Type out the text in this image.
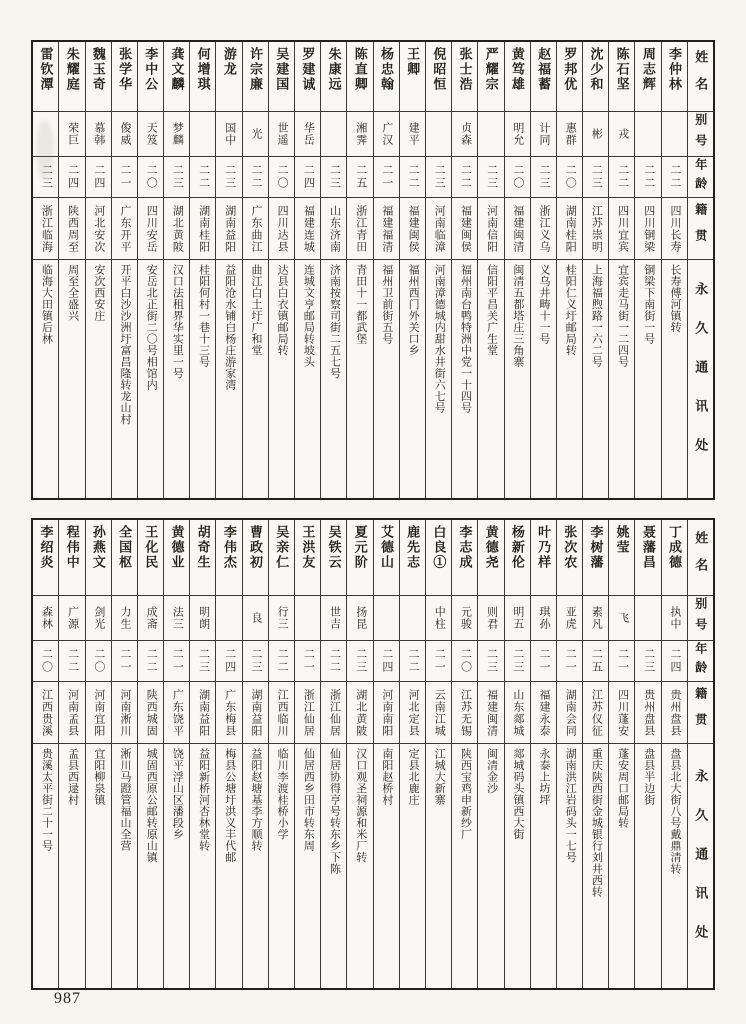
姓名
别号
年龄
籍贯
永久通讯处
李仲林
二二
四川长寿
长寿傅河镇转
周志辉
二二
四川铜梁
铜梁下南街一号
陈石坚
戎
二二
四川宜宾
宜宾走马街一二四号
沈少和
彬
二三
江苏崇明
上海福煦路一六二号
罗邦优
惠群
二〇
湖南桂阳
桂阳仁义圩邮局转
赵福蓄
计同
二三
浙江义乌
义乌井畴十一号
黄笃雄
明允
二〇
福建闽清
闽清五都塔庄三角寨
严耀宗
二三
河南信阳
信阳平昌关广生堂
张士浩
贞森
二二
福建闽侯
福州南台鸭特洲中党一十四号
倪昭恒
二三
河南临漳
河南漳德城内甜水井街六七号
王卿
建平
二二
福建闽侯
福州西门外关口乡
杨忠翰
广汉
二一
福建福清
福州卫前街五号
陈直卿
湘霁
二五
浙江青田
青田十一都武堡
朱康远
二三
山东济南
济南按察司街二五七号
罗建诚
华岳
二四
福建连城
连城文亨邮局转坡头
吴建国
世遥
二〇
四川达县
达县白衣镇邮局转
许宗廉
光
二二
广东曲江
曲江白土圩广和堂
游龙
国中
二三
湖南益阳
益阳沧水铺白杨庄游家湾
何增琪
二二
湖南桂阳
桂阳何村一巷十三号
龚文麟
梦麟
二三
湖北黄陂
汉口法租界华实里一号
李中公
天笈
二〇
四川安岳
安岳北正街二〇号相馆内
张学华
俊威
二一
广东开平
开平白沙沙洲圩富昌隆转龙山村
魏玉奇
慕韩
二四
河北安次
安次西安庄
朱耀庭
荣巨
二四
陕西周至
周至全盛兴
雷钦潭
二三
浙江临海
临海大田镇后林
姓名
别号
年龄
籍贯
永久通讯处
丁成德
执中
二四
贵州盘县
盘县北大街八号戴鼎清转
聂藩昌
二三
贵州盘县
盘县半边街
姚莹
飞
二一
四川蓬安
蓬安周口邮局转
李树藩
素凡
二五
江苏仪征
重庆陕西街金城银行刘井西转
张次农
亚虎
二一
湖南会同
湖南洪江岩码头一七号
叶乃样
琪孙
二一
福建永泰
永泰上坊坪
杨新伦
明五
二三
山东郯城
郯城码头镇西大街
黄德尧
则君
二三
福建闽清
闽清金沙
李志成
元骏
二〇
江苏无锡
陕西宝鸡申新纱厂
白良①
中柱
二一
云南江城
江城大新寨
鹿先志
二二
河北定县
定县北鹿庄
艾德山
二四
河南南阳
南阳赵桥村
夏元阶
扬昆
二三
湖北黄陂
汉口观圣祠源和米厂转
吴铁云
世吉
二二
浙江仙居
仙居协得亨号转东乡下陈
王洪友
二一
浙江仙居
仙居西乡田市转东周
吴亲仁
行三
二二
江西临川
临川李渡桂桥小学
曹政初
良
二三
湖南益阳
益阳赵塘基李方顺转
李伟杰
二四
广东梅县
梅县公塘圩洪义丰代邮
胡奇生
明朗
二三
湖南益阳
益阳新桥河杏林堂转
黄德业
法三
二一
广东饶平
饶平浮山区潘段乡
王化民
成斋
二二
陕西城固
城固西原公邮转原山镇
全国枢
力生
二一
河南淅川
淅川马蹬管福山全营
孙燕文
剑光
二〇
河南宜阳
宜阳柳泉镇
程伟中
广源
二二
河南孟县
孟县西逯村
李绍炎
森林
二〇
江西贵溪
贵溪太平街二十一号
987
